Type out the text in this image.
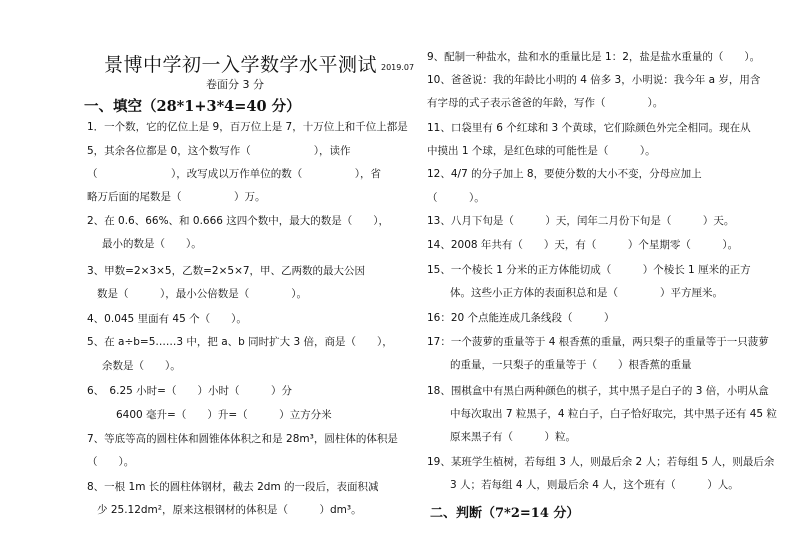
景博中学初一入学数学水平测试 2019.07
卷面分 3 分
一、填空（28*1+3*4=40 分）
1．一个数，它的亿位上是 9，百万位上是 7，十万位上和千位上都是
5，其余各位都是 0，这个数写作（　　　　　　），读作
（　　　　　　　），改写成以万作单位的数（　　　　　），省
略万后面的尾数是（　　　　　）万。
2、在 0.6、66%、和 0.666 这四个数中，最大的数是（　　），
最小的数是（　　）。
3、甲数=2×3×5，乙数=2×5×7，甲、乙两数的最大公因
数是（　　　），最小公倍数是（　　　　）。
4、0.045 里面有 45 个（　　）。
5、在 a÷b=5……3 中，把 a、b 同时扩大 3 倍，商是（　　），
余数是（　　）。
6、　6.25 小时=（　　）小时（　　　）分
6400 毫升=（　　）升=（　　　）立方分米
7、等底等高的圆柱体和圆锥体体积之和是 28m³，圆柱体的体积是
（　　）。
8、一根 1m 长的圆柱体钢材，截去 2dm 的一段后，表面积减
少 25.12dm²，原来这根钢材的体积是（　　　）dm³。
9、配制一种盐水，盐和水的重量比是 1：2，盐是盐水重量的（　　）。
10、爸爸说：我的年龄比小明的 4 倍多 3，小明说：我今年 a 岁，用含
有字母的式子表示爸爸的年龄，写作（　　　　）。
11、口袋里有 6 个红球和 3 个黄球，它们除颜色外完全相同。现在从
中摸出 1 个球，是红色球的可能性是（　　　）。
12、4/7 的分子加上 8，要使分数的大小不变，分母应加上
（　　　）。
13、八月下旬是（　　　）天，闰年二月份下旬是（　　　）天。
14、2008 年共有（　　）天，有（　　　）个星期零（　　　）。
15、一个棱长 1 分米的正方体能切成（　　　）个棱长 1 厘米的正方
体。这些小正方体的表面积总和是（　　　　）平方厘米。
16：20 个点能连成几条线段（　　　）
17：一个菠萝的重量等于 4 根香蕉的重量，两只梨子的重量等于一只菠萝
的重量，一只梨子的重量等于（　　）根香蕉的重量
18、围棋盒中有黑白两种颜色的棋子，其中黑子是白子的 3 倍，小明从盒
中每次取出 7 粒黑子，4 粒白子，白子恰好取完，其中黑子还有 45 粒
原来黑子有（　　　）粒。
19、某班学生植树，若每组 3 人，则最后余 2 人；若每组 5 人，则最后余
3 人；若每组 4 人，则最后余 4 人，这个班有（　　　）人。
二、判断（7*2=14 分）
